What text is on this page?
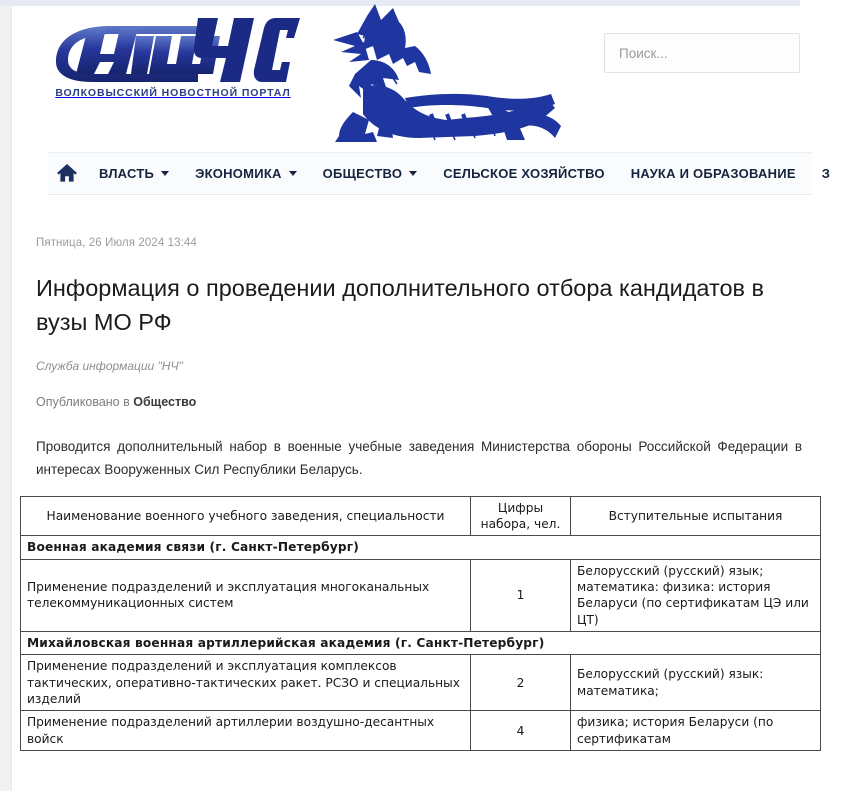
ВОЛКОВЫССКИЙ НОВОСТНОЙ ПОРТАЛ
Поиск...
ВЛАСТЬ	ЭКОНОМИКА	ОБЩЕСТВО	СЕЛЬСКОЕ ХОЗЯЙСТВО НАУКА И ОБРАЗОВАНИЕ З
Пятница, 26 Июля 2024 13:44
Информация о проведении дополнительного отбора кандидатов в вузы МО РФ
Служба информации "НЧ"
Опубликовано в Общество

Проводится дополнительный набор в военные учебные заведения Министерства обороны Российской Федерации в интересах Вооруженных Сил Республики Беларусь.

Наименование военного учебного заведения, специальности	Цифры набора, чел.	Вступительные испытания
Военная академия связи (г. Санкт-Петербург)		
Применение подразделений и эксплуатация многоканальных телекоммуникационных систем	1	Белорусский (русский) язык; математика: физика: история Беларуси (по сертификатам ЦЭ или ЦТ)
Михайловская военная артиллерийская академия (г. Санкт-Петербург)		
Применение подразделений и эксплуатация комплексов тактических, оперативно-тактических ракет. РСЗО и специальных изделий	2	Белорусский (русский) язык: математика;
Применение подразделений артиллерии воздушно-десантных войск	4	физика; история Беларуси (по сертификатам
